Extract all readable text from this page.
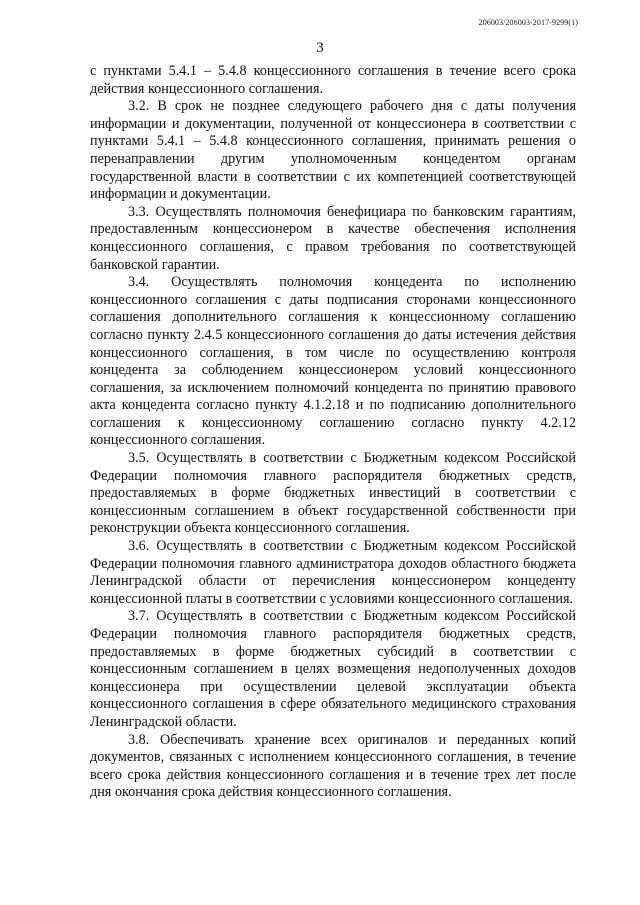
206003/206003-2017-9299(1)
3

с пунктами 5.4.1 – 5.4.8 концессионного соглашения в течение всего срока действия концессионного соглашения.

3.2. В срок не позднее следующего рабочего дня с даты получения информации и документации, полученной от концессионера в соответствии с пунктами 5.4.1 – 5.4.8 концессионного соглашения, принимать решения о перенаправлении другим уполномоченным концедентом органам государственной власти в соответствии с их компетенцией соответствующей информации и документации.

3.3. Осуществлять полномочия бенефициара по банковским гарантиям, предоставленным концессионером в качестве обеспечения исполнения концессионного соглашения, с правом требования по соответствующей банковской гарантии.

3.4. Осуществлять полномочия концедента по исполнению концессионного соглашения с даты подписания сторонами концессионного соглашения дополнительного соглашения к концессионному соглашению согласно пункту 2.4.5 концессионного соглашения до даты истечения действия концессионного соглашения, в том числе по осуществлению контроля концедента за соблюдением концессионером условий концессионного соглашения, за исключением полномочий концедента по принятию правового акта концедента согласно пункту 4.1.2.18 и по подписанию дополнительного соглашения к концессионному соглашению согласно пункту 4.2.12 концессионного соглашения.

3.5. Осуществлять в соответствии с Бюджетным кодексом Российской Федерации полномочия главного распорядителя бюджетных средств, предоставляемых в форме бюджетных инвестиций в соответствии с концессионным соглашением в объект государственной собственности при реконструкции объекта концессионного соглашения.

3.6. Осуществлять в соответствии с Бюджетным кодексом Российской Федерации полномочия главного администратора доходов областного бюджета Ленинградской области от перечисления концессионером концеденту концессионной платы в соответствии с условиями концессионного соглашения.

3.7. Осуществлять в соответствии с Бюджетным кодексом Российской Федерации полномочия главного распорядителя бюджетных средств, предоставляемых в форме бюджетных субсидий в соответствии с концессионным соглашением в целях возмещения недополученных доходов концессионера при осуществлении целевой эксплуатации объекта концессионного соглашения в сфере обязательного медицинского страхования Ленинградской области.

3.8. Обеспечивать хранение всех оригиналов и переданных копий документов, связанных с исполнением концессионного соглашения, в течение всего срока действия концессионного соглашения и в течение трех лет после дня окончания срока действия концессионного соглашения.
